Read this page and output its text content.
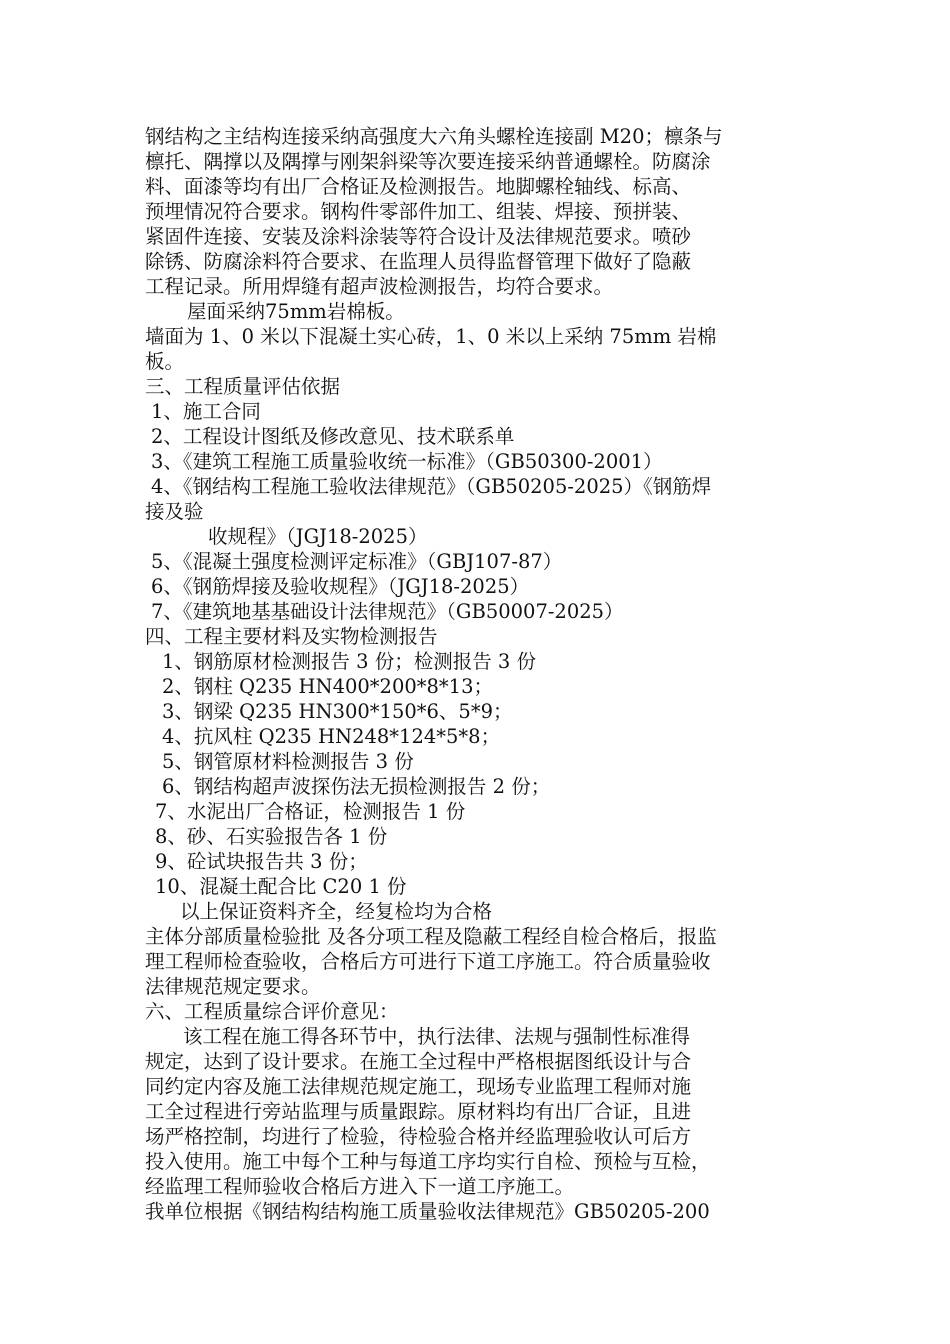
钢结构之主结构连接采纳高强度大六角头螺栓连接副 M20；檩条与

檩托、隅撑以及隅撑与刚架斜梁等次要连接采纳普通螺栓。防腐涂

料、面漆等均有出厂合格证及检测报告。地脚螺栓轴线、标高、

预埋情况符合要求。钢构件零部件加工、组装、焊接、预拼装、

紧固件连接、安装及涂料涂装等符合设计及法律规范要求。喷砂

除锈、防腐涂料符合要求、在监理人员得监督管理下做好了隐蔽

工程记录。所用焊缝有超声波检测报告，均符合要求。

屋面采纳75mm岩棉板。

墙面为 1、0 米以下混凝土实心砖，1、0 米以上采纳 75mm 岩棉

板。

三、工程质量评估依据

1、施工合同

2、工程设计图纸及修改意见、技术联系单

3、《建筑工程施工质量验收统一标准》（GB50300-2001）

4、《钢结构工程施工验收法律规范》（GB50205-2025）《钢筋焊

接及验

收规程》（JGJ18-2025）

5、《混凝土强度检测评定标准》（GBJ107-87）

6、《钢筋焊接及验收规程》（JGJ18-2025）

7、《建筑地基基础设计法律规范》（GB50007-2025）

四、工程主要材料及实物检测报告

1、钢筋原材检测报告 3 份；检测报告 3 份

2、钢柱 Q235 HN400*200*8*13；

3、钢梁 Q235 HN300*150*6、5*9；

4、抗风柱 Q235 HN248*124*5*8；

5、钢管原材料检测报告 3 份

6、钢结构超声波探伤法无损检测报告 2 份；

7、水泥出厂合格证，检测报告 1 份

8、砂、石实验报告各 1 份

9、砼试块报告共 3 份；

10、混凝土配合比 C20 1 份

以上保证资料齐全，经复检均为合格

主体分部质量检验批 及各分项工程及隐蔽工程经自检合格后，报监

理工程师检查验收，合格后方可进行下道工序施工。符合质量验收

法律规范规定要求。

六、工程质量综合评价意见：

该工程在施工得各环节中，执行法律、法规与强制性标准得

规定，达到了设计要求。在施工全过程中严格根据图纸设计与合

同约定内容及施工法律规范规定施工，现场专业监理工程师对施

工全过程进行旁站监理与质量跟踪。原材料均有出厂合证，且进

场严格控制，均进行了检验，待检验合格并经监理验收认可后方

投入使用。施工中每个工种与每道工序均实行自检、预检与互检，

经监理工程师验收合格后方进入下一道工序施工。

我单位根据《钢结构结构施工质量验收法律规范》GB50205-200
